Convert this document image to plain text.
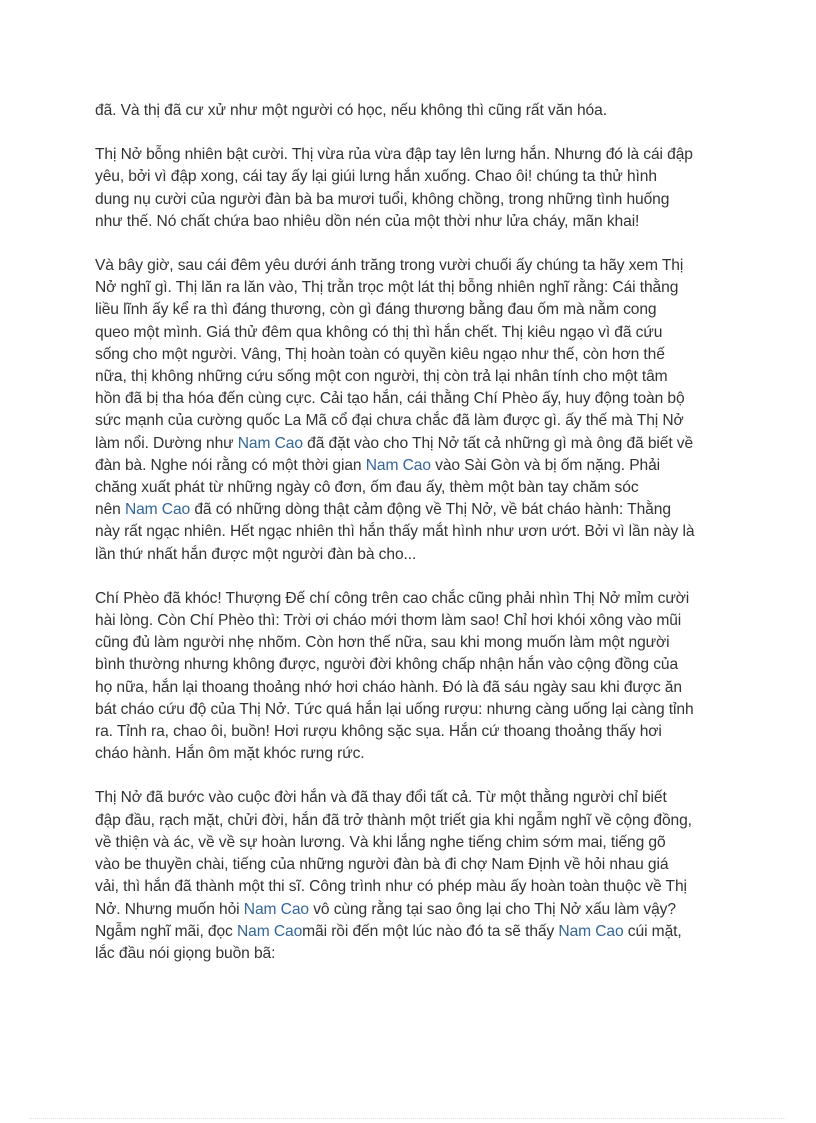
đã. Và thị đã cư xử như một người có học, nếu không thì cũng rất văn hóa.
Thị Nở bỗng nhiên bật cười. Thị vừa rủa vừa đập tay lên lưng hắn. Nhưng đó là cái đập
yêu, bởi vì đập xong, cái tay ấy lại giúi lưng hắn xuống. Chao ôi! chúng ta thử hình
dung nụ cười của người đàn bà ba mươi tuổi, không chồng, trong những tình huống
như thế. Nó chất chứa bao nhiêu dồn nén của một thời như lửa cháy, mãn khai!
Và bây giờ, sau cái đêm yêu dưới ánh trăng trong vười chuối ấy chúng ta hãy xem Thị
Nở nghĩ gì. Thị lăn ra lăn vào, Thị trằn trọc một lát thị bỗng nhiên nghĩ rằng: Cái thằng
liều lĩnh ấy kể ra thì đáng thương, còn gì đáng thương bằng đau ốm mà nằm cong
queo một mình. Giá thử đêm qua không có thị thì hắn chết. Thị kiêu ngạo vì đã cứu
sống cho một người. Vâng, Thị hoàn toàn có quyền kiêu ngạo như thế, còn hơn thế
nữa, thị không những cứu sống một con người, thị còn trả lại nhân tính cho một tâm
hồn đã bị tha hóa đến cùng cực. Cải tạo hắn, cái thằng Chí Phèo ấy, huy động toàn bộ
sức mạnh của cường quốc La Mã cổ đại chưa chắc đã làm được gì. ấy thế mà Thị Nở
làm nổi. Dường như Nam Cao đã đặt vào cho Thị Nở tất cả những gì mà ông đã biết về
đàn bà. Nghe nói rằng có một thời gian Nam Cao vào Sài Gòn và bị ốm nặng. Phải
chăng xuất phát từ những ngày cô đơn, ốm đau ấy, thèm một bàn tay chăm sóc
nên Nam Cao đã có những dòng thật cảm động về Thị Nở, về bát cháo hành: Thằng
này rất ngạc nhiên. Hết ngạc nhiên thì hắn thấy mắt hình như ươn ướt. Bởi vì lần này là
lần thứ nhất hắn được một người đàn bà cho...
Chí Phèo đã khóc! Thượng Đế chí công trên cao chắc cũng phải nhìn Thị Nở mỉm cười
hài lòng. Còn Chí Phèo thì: Trời ơi cháo mới thơm làm sao! Chỉ hơi khói xông vào mũi
cũng đủ làm người nhẹ nhõm. Còn hơn thế nữa, sau khi mong muốn làm một người
bình thường nhưng không được, người đời không chấp nhận hắn vào cộng đồng của
họ nữa, hắn lại thoang thoảng nhớ hơi cháo hành. Đó là đã sáu ngày sau khi được ăn
bát cháo cứu độ của Thị Nở. Tức quá hắn lại uống rượu: nhưng càng uống lại càng tỉnh
ra. Tỉnh ra, chao ôi, buồn! Hơi rượu không sặc sụa. Hắn cứ thoang thoảng thấy hơi
cháo hành. Hắn ôm mặt khóc rưng rức.
Thị Nở đã bước vào cuộc đời hắn và đã thay đổi tất cả. Từ một thằng người chỉ biết
đập đầu, rạch mặt, chửi đời, hắn đã trở thành một triết gia khi ngẫm nghĩ về cộng đồng,
về thiện và ác, về về sự hoàn lương. Và khi lắng nghe tiếng chim sớm mai, tiếng gõ
vào be thuyền chài, tiếng của những người đàn bà đi chợ Nam Định về hỏi nhau giá
vải, thì hắn đã thành một thi sĩ. Công trình như có phép màu ấy hoàn toàn thuộc về Thị
Nở. Nhưng muốn hỏi Nam Cao vô cùng rằng tại sao ông lại cho Thị Nở xấu làm vậy?
Ngẫm nghĩ mãi, đọc Nam Caomãi rồi đến một lúc nào đó ta sẽ thấy Nam Cao cúi mặt,
lắc đầu nói giọng buồn bã:
